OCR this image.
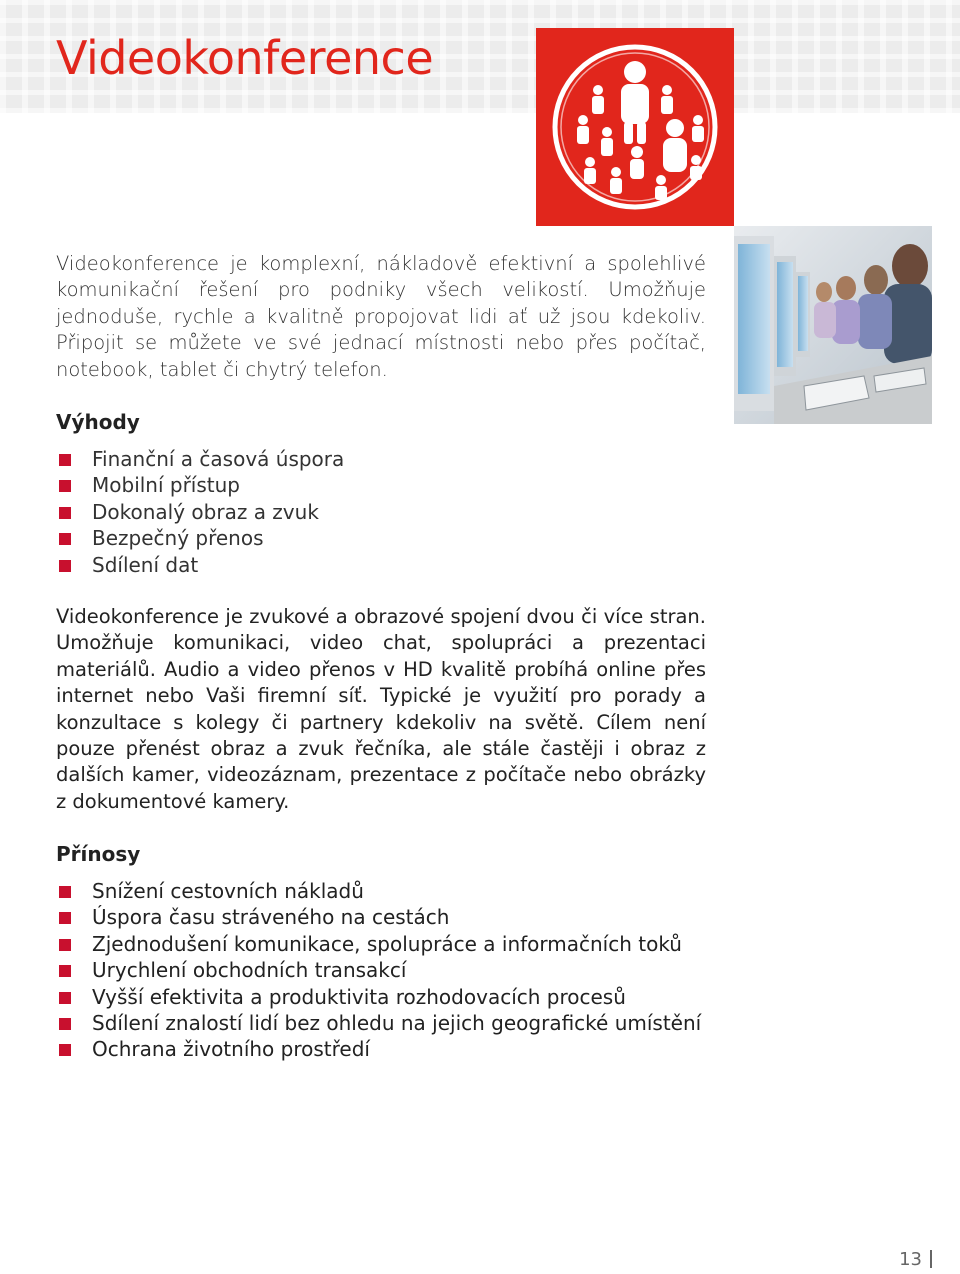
Videokonference

Videokonference je komplexní, nákladově efektivní a spolehlivé komunikační řešení pro podniky všech velikostí. Umožňuje jednoduše, rychle a kvalitně propojovat lidi ať už jsou kdekoliv. Připojit se můžete ve své jednací místnosti nebo přes počítač, notebook, tablet či chytrý telefon.

Výhody
Finanční a časová úspora
Mobilní přístup
Dokonalý obraz a zvuk
Bezpečný přenos
Sdílení dat

Videokonference je zvukové a obrazové spojení dvou či více stran. Umožňuje komunikaci, video chat, spolupráci a prezentaci materiálů. Audio a video přenos v HD kvalitě probíhá online přes internet nebo Vaši firemní síť. Typické je využití pro porady a konzultace s kolegy či partnery kdekoliv na světě. Cílem není pouze přenést obraz a zvuk řečníka, ale stále častěji i obraz z dalších kamer, videozáznam, prezentace z počítače nebo obrázky z dokumentové kamery.

Přínosy
Snížení cestovních nákladů
Úspora času stráveného na cestách
Zjednodušení komunikace, spolupráce a informačních toků
Urychlení obchodních transakcí
Vyšší efektivita a produktivita rozhodovacích procesů
Sdílení znalostí lidí bez ohledu na jejich geografické umístění
Ochrana životního prostředí
13
